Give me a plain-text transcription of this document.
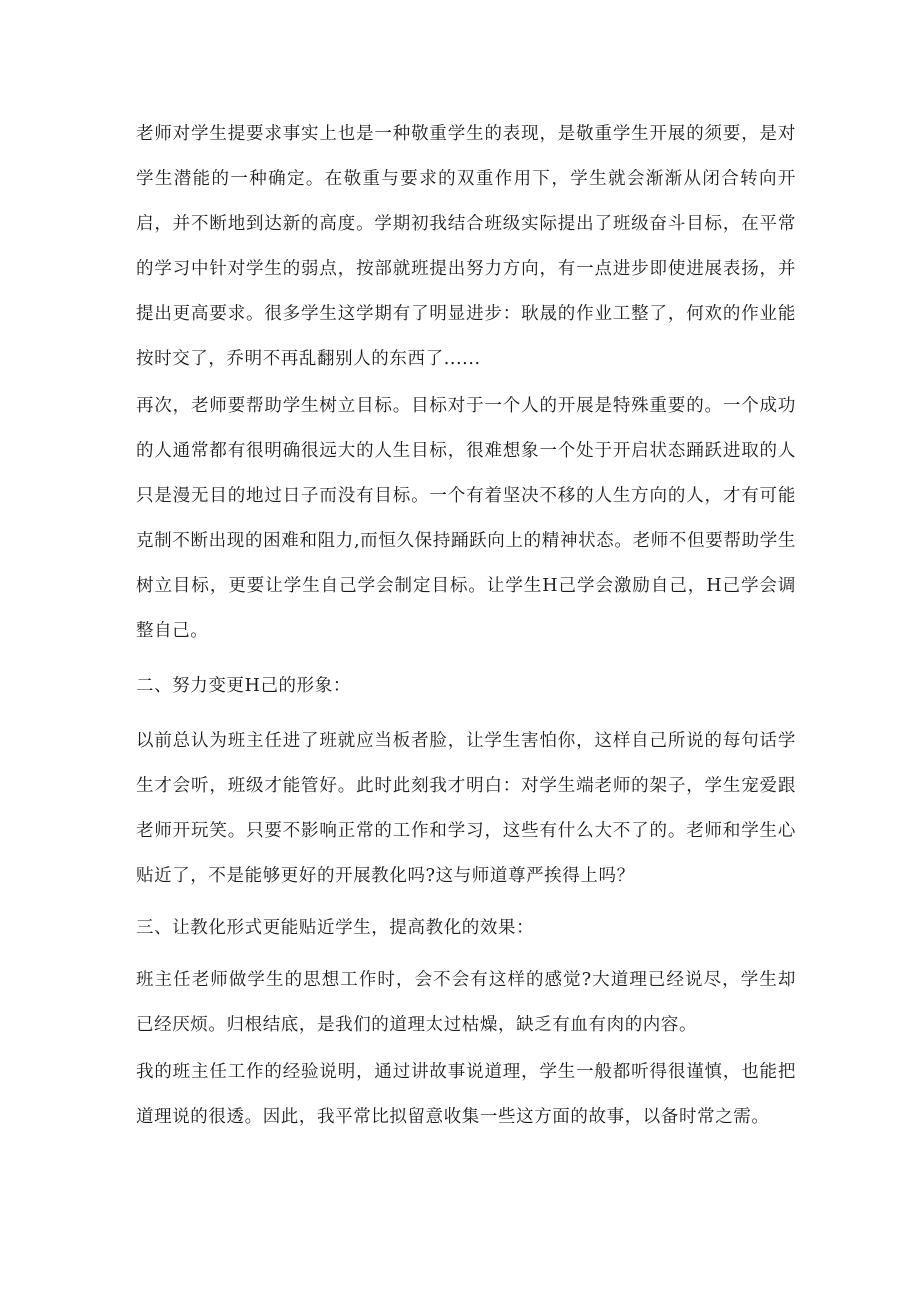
老师对学生提要求事实上也是一种敬重学生的表现，是敬重学生开展的须要，是对学生潜能的一种确定。在敬重与要求的双重作用下，学生就会渐渐从闭合转向开启，并不断地到达新的高度。学期初我结合班级实际提出了班级奋斗目标，在平常的学习中针对学生的弱点，按部就班提出努力方向，有一点进步即使进展表扬，并提出更高要求。很多学生这学期有了明显进步：耿晟的作业工整了，何欢的作业能按时交了，乔明不再乱翻别人的东西了......

再次，老师要帮助学生树立目标。目标对于一个人的开展是特殊重要的。一个成功的人通常都有很明确很远大的人生目标，很难想象一个处于开启状态踊跃进取的人只是漫无目的地过日子而没有目标。一个有着坚决不移的人生方向的人，才有可能克制不断出现的困难和阻力,而恒久保持踊跃向上的精神状态。老师不但要帮助学生树立目标，更要让学生自己学会制定目标。让学生H己学会激励自己，H己学会调整自己。

二、努力变更H己的形象：

以前总认为班主任进了班就应当板者脸，让学生害怕你，这样自己所说的每句话学生才会听，班级才能管好。此时此刻我才明白：对学生端老师的架子，学生宠爱跟老师开玩笑。只要不影响正常的工作和学习，这些有什么大不了的。老师和学生心贴近了，不是能够更好的开展教化吗?这与师道尊严挨得上吗？

三、让教化形式更能贴近学生，提高教化的效果：

班主任老师做学生的思想工作时，会不会有这样的感觉?大道理已经说尽，学生却已经厌烦。归根结底，是我们的道理太过枯燥，缺乏有血有肉的内容。

我的班主任工作的经验说明，通过讲故事说道理，学生一般都听得很谨慎，也能把道理说的很透。因此，我平常比拟留意收集一些这方面的故事，以备时常之需。
